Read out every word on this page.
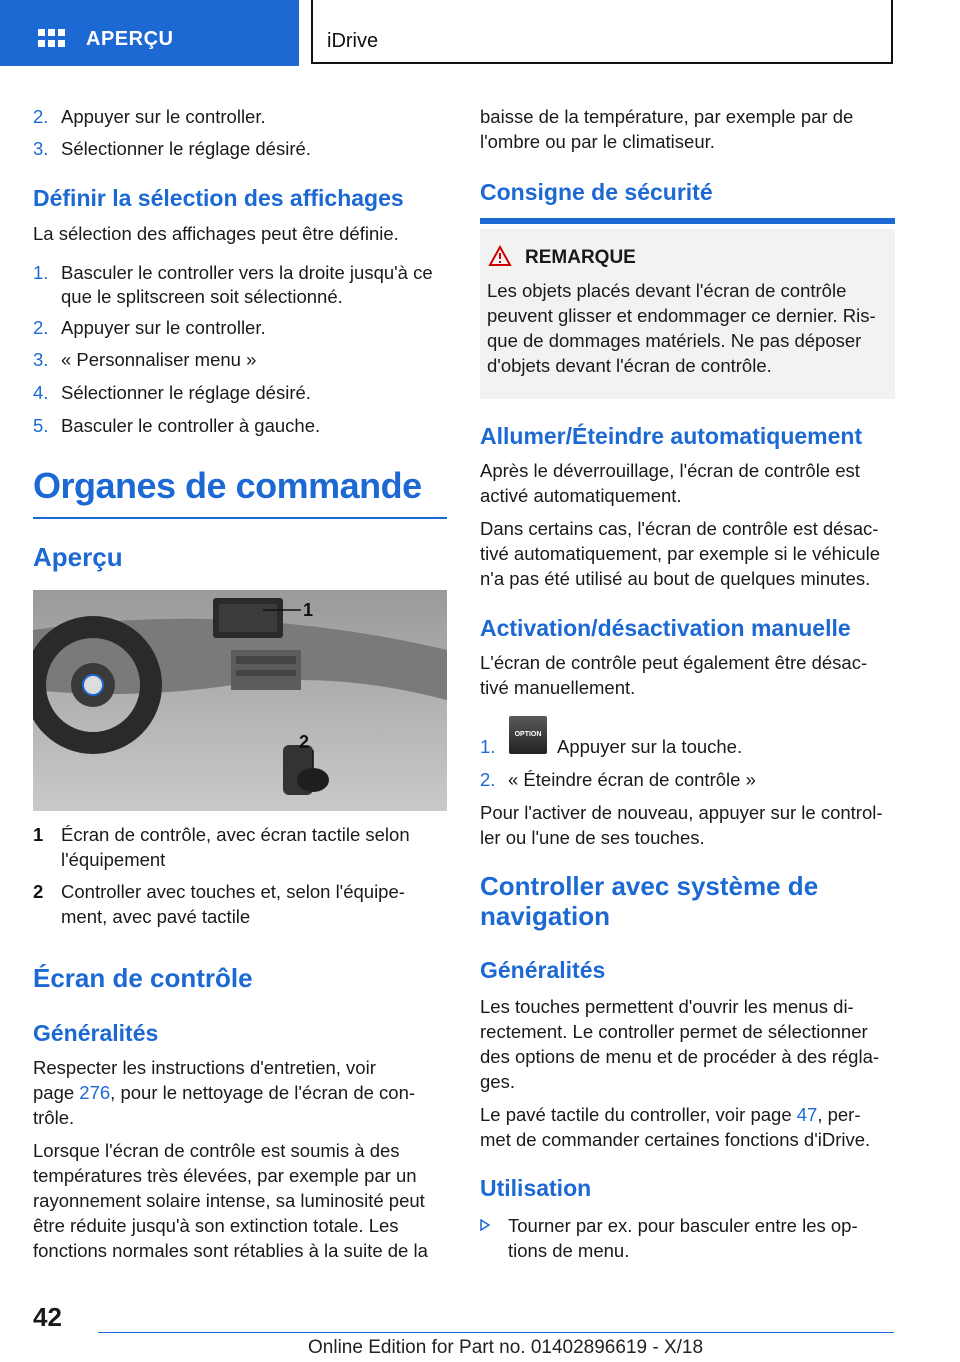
APERÇU	iDrive
2. Appuyer sur le controller.
3. Sélectionner le réglage désiré.
Définir la sélection des affichages
La sélection des affichages peut être définie.
1. Basculer le controller vers la droite jusqu'à ce
que le splitscreen soit sélectionné.
2. Appuyer sur le controller.
3. « Personnaliser menu »
4. Sélectionner le réglage désiré.
5. Basculer le controller à gauche.
Organes de commande
Aperçu
1
2
1 Écran de contrôle, avec écran tactile selon
l'équipement
2 Controller avec touches et, selon l'équipe-
ment, avec pavé tactile
Écran de contrôle
Généralités
Respecter les instructions d'entretien, voir
page 276, pour le nettoyage de l'écran de con-
trôle.
Lorsque l'écran de contrôle est soumis à des
températures très élevées, par exemple par un
rayonnement solaire intense, sa luminosité peut
être réduite jusqu'à son extinction totale. Les
fonctions normales sont rétablies à la suite de la
baisse de la température, par exemple par de
l'ombre ou par le climatiseur.
Consigne de sécurité
REMARQUE
Les objets placés devant l'écran de contrôle
peuvent glisser et endommager ce dernier. Ris-
que de dommages matériels. Ne pas déposer
d'objets devant l'écran de contrôle.
Allumer/Éteindre automatiquement
Après le déverrouillage, l'écran de contrôle est
activé automatiquement.
Dans certains cas, l'écran de contrôle est désac-
tivé automatiquement, par exemple si le véhicule
n'a pas été utilisé au bout de quelques minutes.
Activation/désactivation manuelle
L'écran de contrôle peut également être désac-
tivé manuellement.
1.	Appuyer sur la touche.
2. « Éteindre écran de contrôle »
Pour l'activer de nouveau, appuyer sur le control-
ler ou l'une de ses touches.
Controller avec système de
navigation
Généralités
Les touches permettent d'ouvrir les menus di-
rectement. Le controller permet de sélectionner
des options de menu et de procéder à des régla-
ges.
Le pavé tactile du controller, voir page 47, per-
met de commander certaines fonctions d'iDrive.
Utilisation
Tourner par ex. pour basculer entre les op-
tions de menu.
OPTION
42
Online Edition for Part no. 01402896619 - X/18
